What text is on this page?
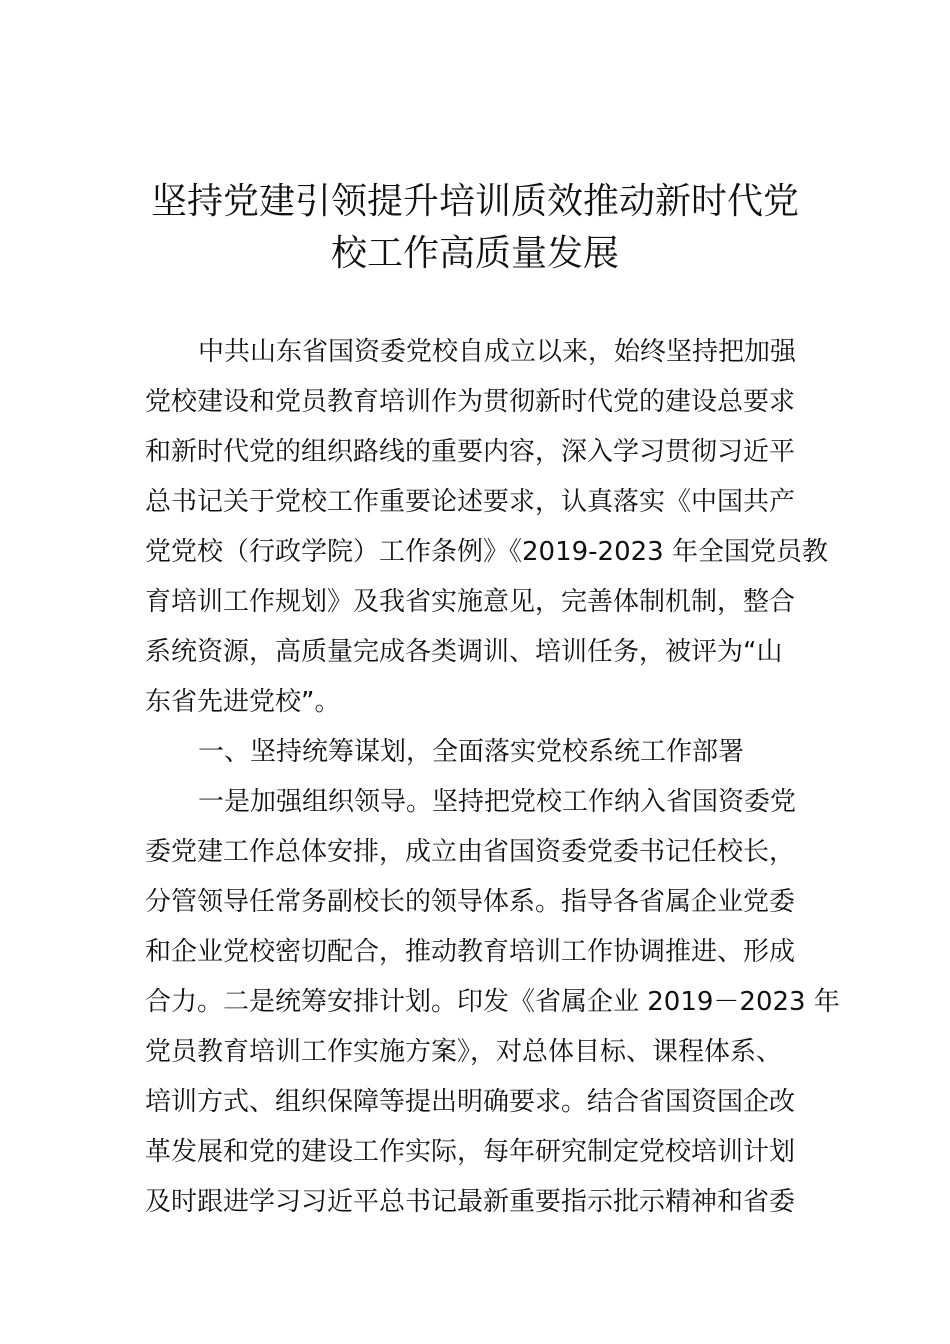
坚持党建引领提升培训质效推动新时代党
校工作高质量发展
中共山东省国资委党校自成立以来，始终坚持把加强
党校建设和党员教育培训作为贯彻新时代党的建设总要求
和新时代党的组织路线的重要内容，深入学习贯彻习近平
总书记关于党校工作重要论述要求，认真落实《中国共产
党党校（行政学院）工作条例》《2019-2023 年全国党员教
育培训工作规划》及我省实施意见，完善体制机制，整合
系统资源，高质量完成各类调训、培训任务，被评为“山
东省先进党校”。
一、坚持统筹谋划，全面落实党校系统工作部署
一是加强组织领导。坚持把党校工作纳入省国资委党
委党建工作总体安排，成立由省国资委党委书记任校长，
分管领导任常务副校长的领导体系。指导各省属企业党委
和企业党校密切配合，推动教育培训工作协调推进、形成
合力。二是统筹安排计划。印发《省属企业 2019－2023 年
党员教育培训工作实施方案》，对总体目标、课程体系、
培训方式、组织保障等提出明确要求。结合省国资国企改
革发展和党的建设工作实际，每年研究制定党校培训计划
及时跟进学习习近平总书记最新重要指示批示精神和省委
